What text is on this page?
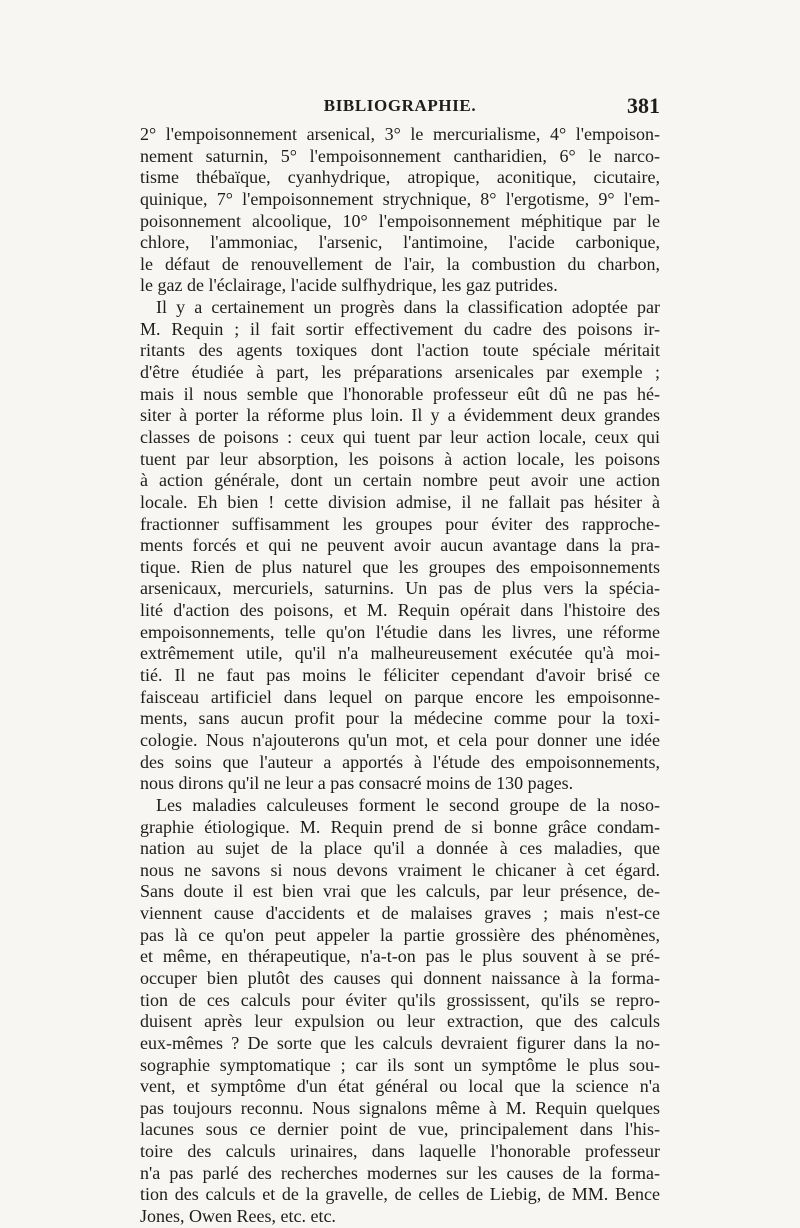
BIBLIOGRAPHIE.	381
2° l'empoisonnement arsenical, 3° le mercurialisme, 4° l'empoison-
nement saturnin, 5° l'empoisonnement cantharidien, 6° le narco-
tisme thébaïque, cyanhydrique, atropique, aconitique, cicutaire,
quinique, 7° l'empoisonnement strychnique, 8° l'ergotisme, 9° l'em-
poisonnement alcoolique, 10° l'empoisonnement méphitique par le
chlore, l'ammoniac, l'arsenic, l'antimoine, l'acide carbonique,
le défaut de renouvellement de l'air, la combustion du charbon,
le gaz de l'éclairage, l'acide sulfhydrique, les gaz putrides.
Il y a certainement un progrès dans la classification adoptée par
M. Requin ; il fait sortir effectivement du cadre des poisons ir-
ritants des agents toxiques dont l'action toute spéciale méritait
d'être étudiée à part, les préparations arsenicales par exemple ;
mais il nous semble que l'honorable professeur eût dû ne pas hé-
siter à porter la réforme plus loin. Il y a évidemment deux grandes
classes de poisons : ceux qui tuent par leur action locale, ceux qui
tuent par leur absorption, les poisons à action locale, les poisons
à action générale, dont un certain nombre peut avoir une action
locale. Eh bien ! cette division admise, il ne fallait pas hésiter à
fractionner suffisamment les groupes pour éviter des rapproche-
ments forcés et qui ne peuvent avoir aucun avantage dans la pra-
tique. Rien de plus naturel que les groupes des empoisonnements
arsenicaux, mercuriels, saturnins. Un pas de plus vers la spécia-
lité d'action des poisons, et M. Requin opérait dans l'histoire des
empoisonnements, telle qu'on l'étudie dans les livres, une réforme
extrêmement utile, qu'il n'a malheureusement exécutée qu'à moi-
tié. Il ne faut pas moins le féliciter cependant d'avoir brisé ce
faisceau artificiel dans lequel on parque encore les empoisonne-
ments, sans aucun profit pour la médecine comme pour la toxi-
cologie. Nous n'ajouterons qu'un mot, et cela pour donner une idée
des soins que l'auteur a apportés à l'étude des empoisonnements,
nous dirons qu'il ne leur a pas consacré moins de 130 pages.
Les maladies calculeuses forment le second groupe de la noso-
graphie étiologique. M. Requin prend de si bonne grâce condam-
nation au sujet de la place qu'il a donnée à ces maladies, que
nous ne savons si nous devons vraiment le chicaner à cet égard.
Sans doute il est bien vrai que les calculs, par leur présence, de-
viennent cause d'accidents et de malaises graves ; mais n'est-ce
pas là ce qu'on peut appeler la partie grossière des phénomènes,
et même, en thérapeutique, n'a-t-on pas le plus souvent à se pré-
occuper bien plutôt des causes qui donnent naissance à la forma-
tion de ces calculs pour éviter qu'ils grossissent, qu'ils se repro-
duisent après leur expulsion ou leur extraction, que des calculs
eux-mêmes ? De sorte que les calculs devraient figurer dans la no-
sographie symptomatique ; car ils sont un symptôme le plus sou-
vent, et symptôme d'un état général ou local que la science n'a
pas toujours reconnu. Nous signalons même à M. Requin quelques
lacunes sous ce dernier point de vue, principalement dans l'his-
toire des calculs urinaires, dans laquelle l'honorable professeur
n'a pas parlé des recherches modernes sur les causes de la forma-
tion des calculs et de la gravelle, de celles de Liebig, de MM. Bence
Jones, Owen Rees, etc. etc.
